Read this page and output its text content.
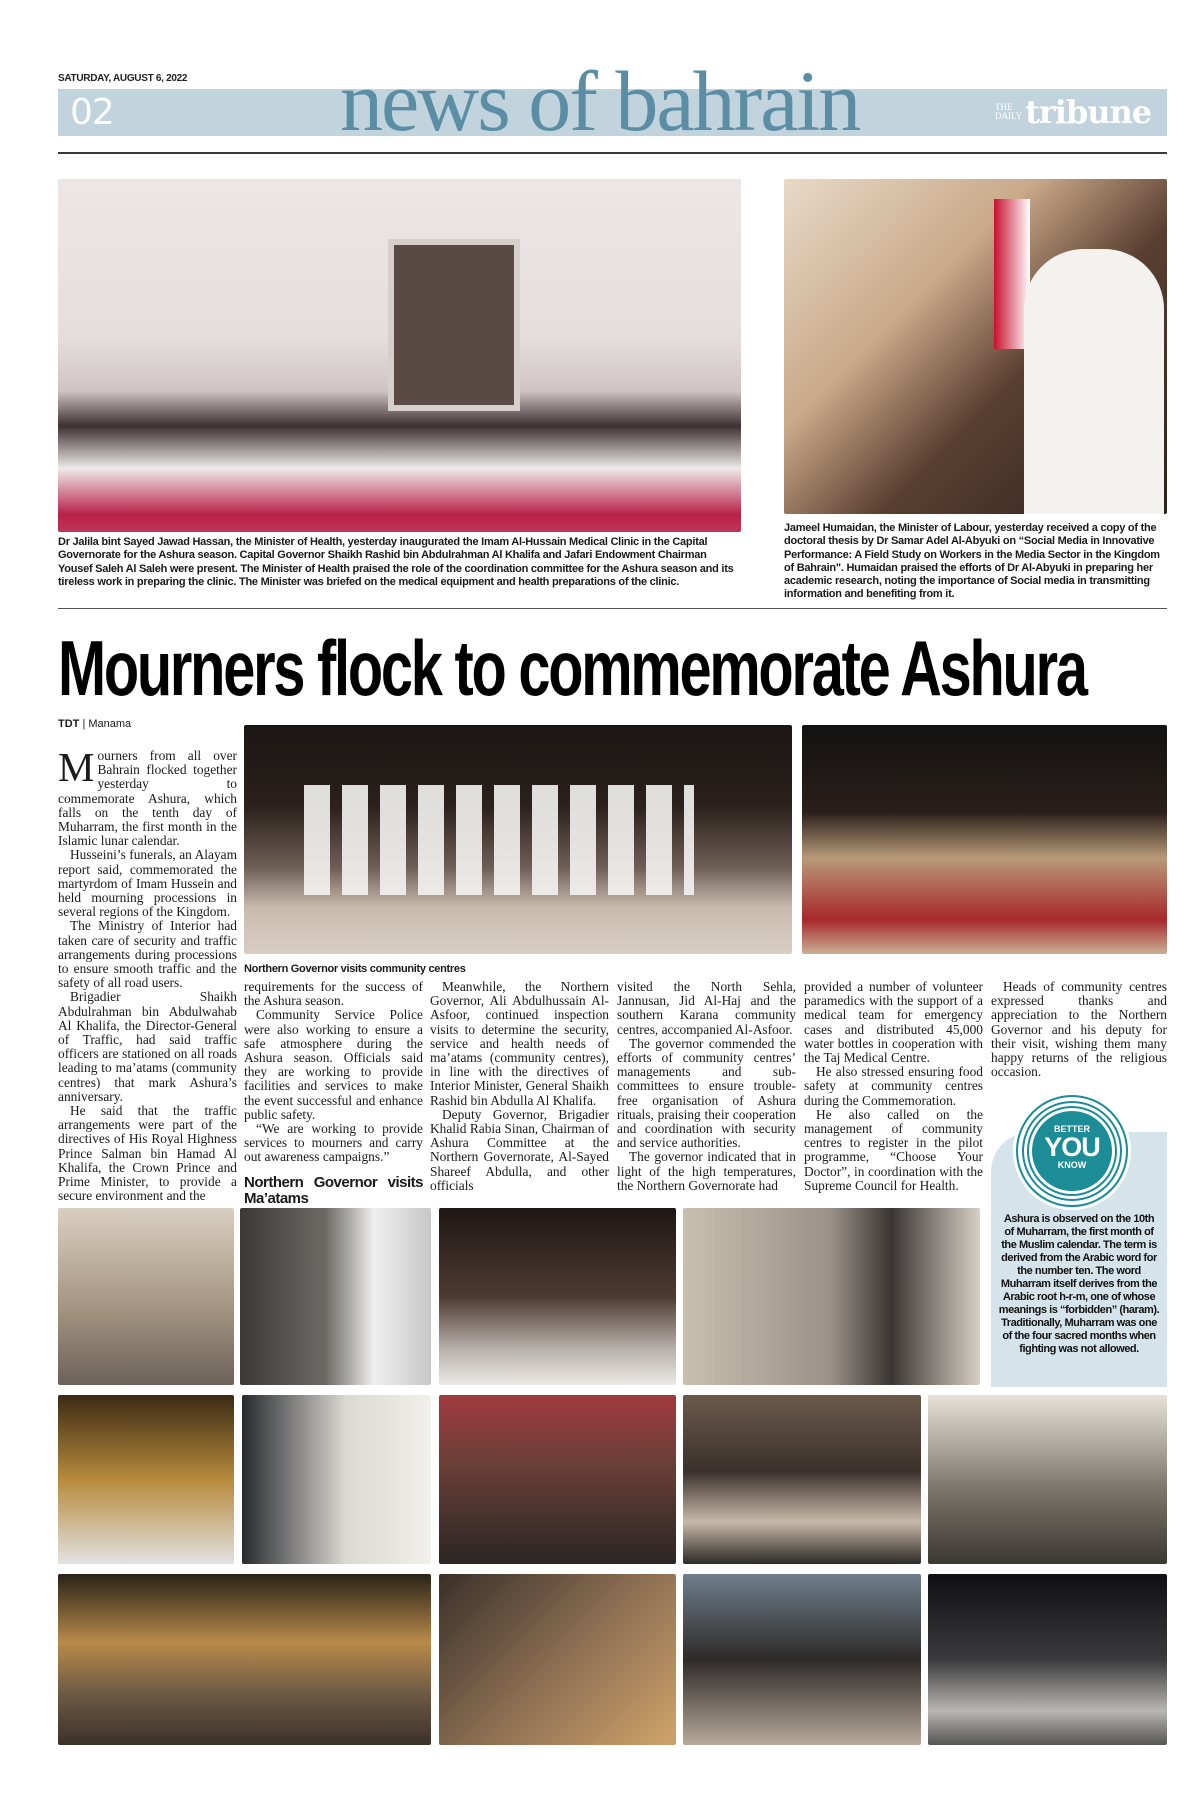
SATURDAY, AUGUST 6, 2022
02	news of bahrain	THE
DAILY tribune
Dr Jalila bint Sayed Jawad Hassan, the Minister of Health, yesterday inaugurated the Imam Al-Hussain Medical Clinic in the Capital Governorate for the Ashura season. Capital Governor Shaikh Rashid bin Abdulrahman Al Khalifa and Jafari Endowment Chairman Yousef Saleh Al Saleh were present. The Minister of Health praised the role of the coordination committee for the Ashura season and its tireless work in preparing the clinic. The Minister was briefed on the medical equipment and health preparations of the clinic.
Jameel Humaidan, the Minister of Labour, yesterday received a copy of the doctoral thesis by Dr Samar Adel Al-Abyuki on “Social Media in Innovative Performance: A Field Study on Workers in the Media Sector in the Kingdom of Bahrain". Humaidan praised the efforts of Dr Al-Abyuki in preparing her academic research, noting the importance of Social media in transmitting information and benefiting from it.
Mourners flock to commemorate Ashura
TDT | Manama
Northern Governor visits community centres

Mourners from all over Bahrain flocked together yesterday to commemorate Ashura, which falls on the tenth day of Muharram, the first month in the Islamic lunar calendar.

Husseini’s funerals, an Alayam report said, commemorated the martyrdom of Imam Hussein and held mourning processions in several regions of the Kingdom.

The Ministry of Interior had taken care of security and traffic arrangements during processions to ensure smooth traffic and the safety of all road users.

Brigadier Shaikh Abdulrahman bin Abdulwahab Al Khalifa, the Director-General of Traffic, had said traffic officers are stationed on all roads leading to ma’atams (community centres) that mark Ashura’s anniversary.

He said that the traffic arrangements were part of the directives of His Royal Highness Prince Salman bin Hamad Al Khalifa, the Crown Prince and Prime Minister, to provide a secure environment and the

requirements for the success of the Ashura season.

Community Service Police were also working to ensure a safe atmosphere during the Ashura season. Officials said they are working to provide facilities and services to make the event successful and enhance public safety.

“We are working to provide services to mourners and carry out awareness campaigns.”

Northern Governor visits Ma’atams

Meanwhile, the Northern Governor, Ali Abdulhussain Al-Asfoor, continued inspection visits to determine the security, service and health needs of ma’atams (community centres), in line with the directives of Interior Minister, General Shaikh Rashid bin Abdulla Al Khalifa.

Deputy Governor, Brigadier Khalid Rabia Sinan, Chairman of Ashura Committee at the Northern Governorate, Al-Sayed Shareef Abdulla, and other officials

visited the North Sehla, Jannusan, Jid Al-Haj and the southern Karana community centres, accompanied Al-Asfoor.

The governor commended the efforts of community centres’ managements and sub-committees to ensure trouble-free organisation of Ashura rituals, praising their cooperation and coordination with security and service authorities.

The governor indicated that in light of the high temperatures, the Northern Governorate had

provided a number of volunteer paramedics with the support of a medical team for emergency cases and distributed 45,000 water bottles in cooperation with the Taj Medical Centre.

He also stressed ensuring food safety at community centres during the Commemoration.

He also called on the management of community centres to register in the pilot programme, “Choose Your Doctor”, in coordination with the Supreme Council for Health.

Heads of community centres expressed thanks and appreciation to the Northern Governor and his deputy for their visit, wishing them many happy returns of the religious occasion.

BETTER
YOU
KNOW
Ashura is observed on the 10th of Muharram, the first month of the Muslim calendar. The term is derived from the Arabic word for the number ten. The word Muharram itself derives from the Arabic root h-r-m, one of whose meanings is “forbidden” (haram). Traditionally, Muharram was one of the four sacred months when fighting was not allowed.
